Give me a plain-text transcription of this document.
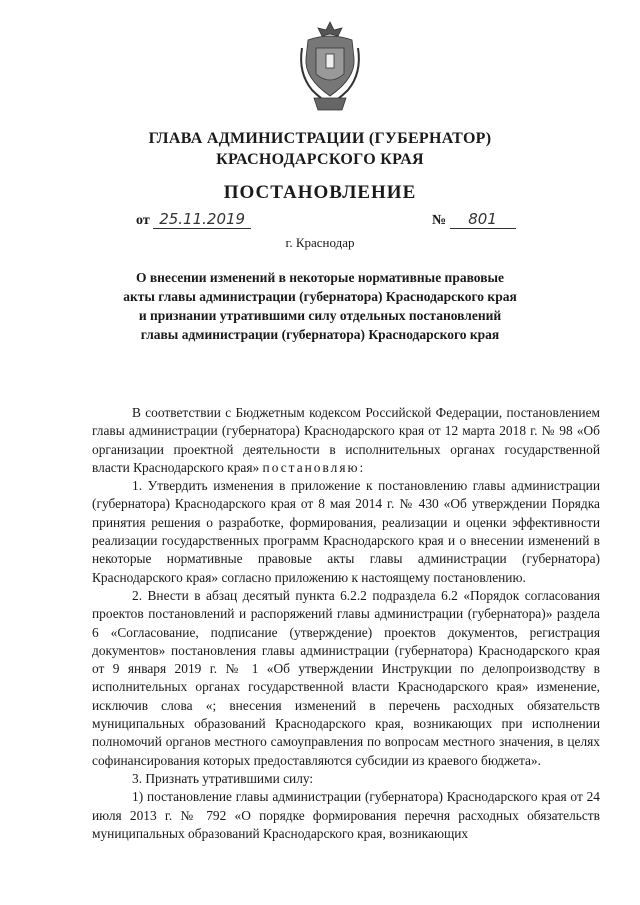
ГЛАВА АДМИНИСТРАЦИИ (ГУБЕРНАТОР)
КРАСНОДАРСКОГО КРАЯ
ПОСТАНОВЛЕНИЕ
от 25.11.2019	№ 801
г. Краснодар
О внесении изменений в некоторые нормативные правовые акты главы администрации (губернатора) Краснодарского края и признании утратившими силу отдельных постановлений главы администрации (губернатора) Краснодарского края

В соответствии с Бюджетным кодексом Российской Федерации, постановлением главы администрации (губернатора) Краснодарского края от 12 марта 2018 г. № 98 «Об организации проектной деятельности в исполнительных органах государственной власти Краснодарского края» постановляю:

1. Утвердить изменения в приложение к постановлению главы администрации (губернатора) Краснодарского края от 8 мая 2014 г. № 430 «Об утверждении Порядка принятия решения о разработке, формирования, реализации и оценки эффективности реализации государственных программ Краснодарского края и о внесении изменений в некоторые нормативные правовые акты главы администрации (губернатора) Краснодарского края» согласно приложению к настоящему постановлению.

2. Внести в абзац десятый пункта 6.2.2 подраздела 6.2 «Порядок согласования проектов постановлений и распоряжений главы администрации (губернатора)» раздела 6 «Согласование, подписание (утверждение) проектов документов, регистрация документов» постановления главы администрации (губернатора) Краснодарского края от 9 января 2019 г. № 1 «Об утверждении Инструкции по делопроизводству в исполнительных органах государственной власти Краснодарского края» изменение, исключив слова «; внесения изменений в перечень расходных обязательств муниципальных образований Краснодарского края, возникающих при исполнении полномочий органов местного самоуправления по вопросам местного значения, в целях софинансирования которых предоставляются субсидии из краевого бюджета».

3. Признать утратившими силу:

1) постановление главы администрации (губернатора) Краснодарского края от 24 июля 2013 г. № 792 «О порядке формирования перечня расходных обязательств муниципальных образований Краснодарского края, возникающих
